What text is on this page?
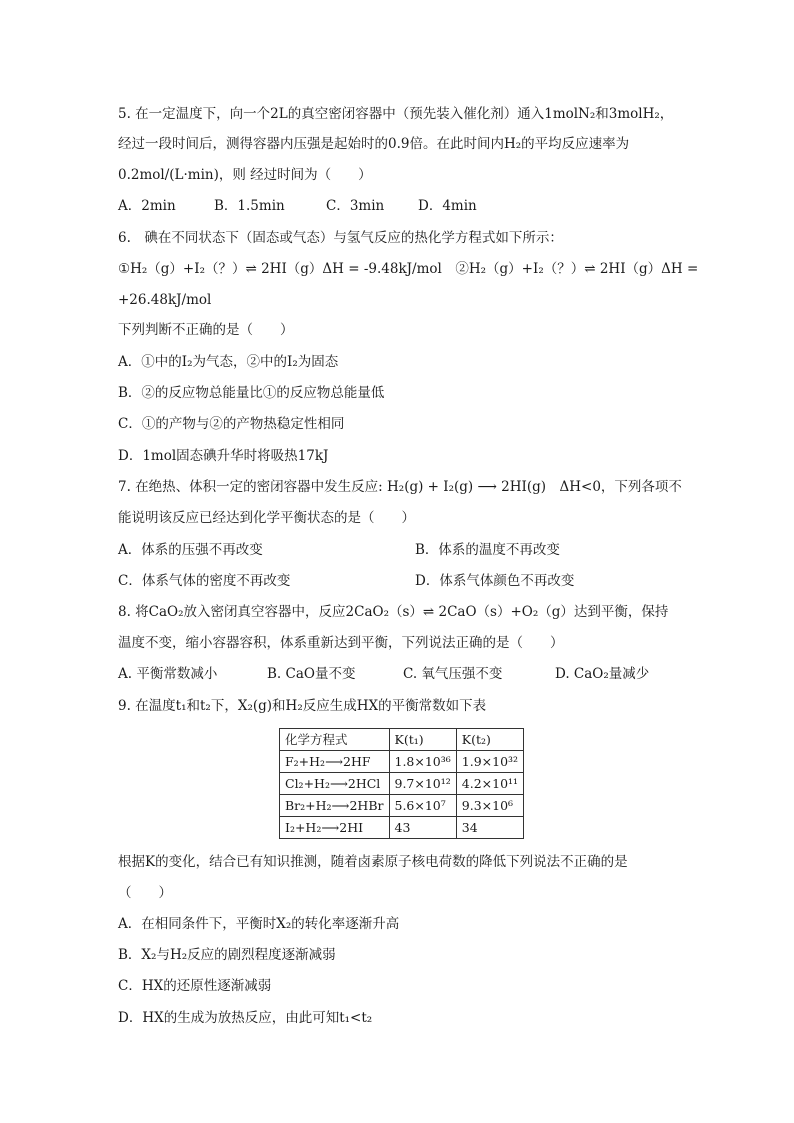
5. 在一定温度下，向一个2L的真空密闭容器中（预先装入催化剂）通入1molN₂和3molH₂，
经过一段时间后，测得容器内压强是起始时的0.9倍。在此时间内H₂的平均反应速率为
0.2mol/(L·min)，则 经过时间为（　　）
A．2min	B．1.5min	C．3min	D．4min
6.　碘在不同状态下（固态或气态）与氢气反应的热化学方程式如下所示：
①H₂（g）+I₂（？）⇌ 2HI（g）ΔH = -9.48kJ/mol　②H₂（g）+I₂（？）⇌ 2HI（g）ΔH =
+26.48kJ/mol
下列判断不正确的是（　　）
A．①中的I₂为气态，②中的I₂为固态
B．②的反应物总能量比①的反应物总能量低
C．①的产物与②的产物热稳定性相同
D．1mol固态碘升华时将吸热17kJ
7. 在绝热、体积一定的密闭容器中发生反应: H₂(g) + I₂(g) ⟶ 2HI(g)　ΔH<0，下列各项不
能说明该反应已经达到化学平衡状态的是（　　）
A．体系的压强不再改变	B．体系的温度不再改变
C．体系气体的密度不再改变	D．体系气体颜色不再改变
8. 将CaO₂放入密闭真空容器中，反应2CaO₂（s）⇌ 2CaO（s）+O₂（g）达到平衡，保持
温度不变，缩小容器容积，体系重新达到平衡，下列说法正确的是（　　）
A. 平衡常数减小	B. CaO量不变	C. 氧气压强不变	D. CaO₂量减少
9. 在温度t₁和t₂下，X₂(g)和H₂反应生成HX的平衡常数如下表
化学方程式	K(t₁)	K(t₂)
F₂+H₂⟶2HF	1.8×10³⁶	1.9×10³²
Cl₂+H₂⟶2HCl	9.7×10¹²	4.2×10¹¹
Br₂+H₂⟶2HBr	5.6×10⁷	9.3×10⁶
I₂+H₂⟶2HI	43	34
根据K的变化，结合已有知识推测，随着卤素原子核电荷数的降低下列说法不正确的是
（　　）
A．在相同条件下，平衡时X₂的转化率逐渐升高
B．X₂与H₂反应的剧烈程度逐渐减弱
C．HX的还原性逐渐减弱
D．HX的生成为放热反应，由此可知t₁<t₂
